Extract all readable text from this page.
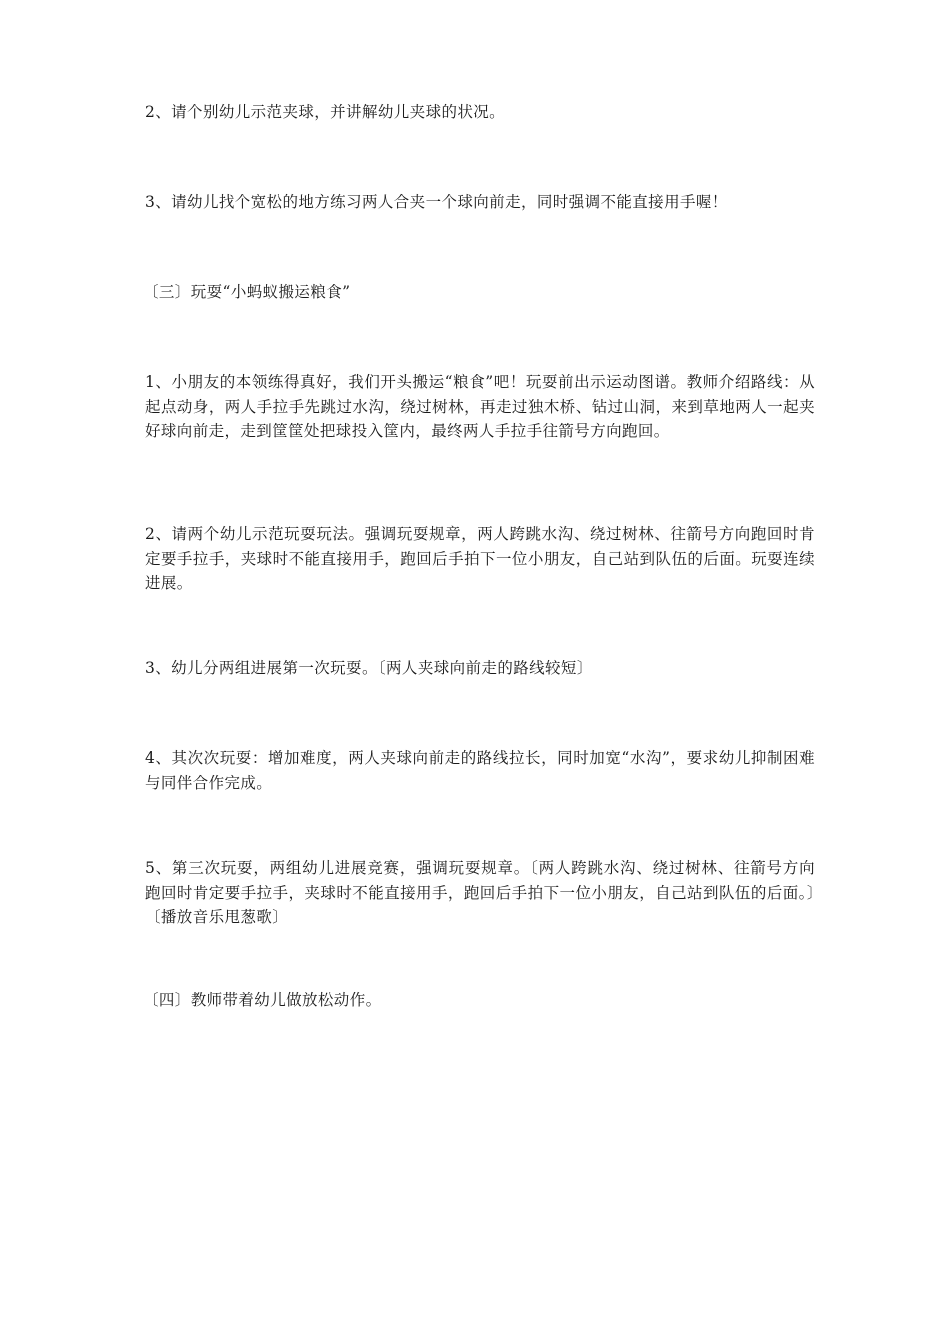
2、请个别幼儿示范夹球，并讲解幼儿夹球的状况。

3、请幼儿找个宽松的地方练习两人合夹一个球向前走，同时强调不能直接用手喔！

〔三〕玩耍“小蚂蚁搬运粮食”

1、小朋友的本领练得真好，我们开头搬运“粮食”吧！玩耍前出示运动图谱。教师介绍路线：从起点动身，两人手拉手先跳过水沟，绕过树林，再走过独木桥、钻过山洞，来到草地两人一起夹好球向前走，走到筐筐处把球投入筐内，最终两人手拉手往箭号方向跑回。

2、请两个幼儿示范玩耍玩法。强调玩耍规章，两人跨跳水沟、绕过树林、往箭号方向跑回时肯定要手拉手，夹球时不能直接用手，跑回后手拍下一位小朋友，自己站到队伍的后面。玩耍连续进展。

3、幼儿分两组进展第一次玩耍。〔两人夹球向前走的路线较短〕

4、其次次玩耍：增加难度，两人夹球向前走的路线拉长，同时加宽“水沟”，要求幼儿抑制困难与同伴合作完成。

5、第三次玩耍，两组幼儿进展竞赛，强调玩耍规章。〔两人跨跳水沟、绕过树林、往箭号方向跑回时肯定要手拉手，夹球时不能直接用手，跑回后手拍下一位小朋友，自己站到队伍的后面。〕〔播放音乐甩葱歌〕

〔四〕教师带着幼儿做放松动作。
